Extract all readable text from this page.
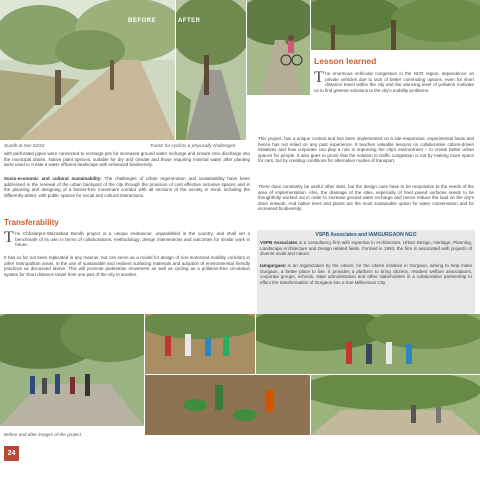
BEFORE	AFTER
Lesson learned
The enormous vehicular congestion in the NCR region, dependence on private vehicles due to lack of better commuting options, even for short distance travel within the city and the alarming level of pollution motivate us to find greener solutions to the city's mobility problems.
Sundh at Sec 52/53	Tracks for cyclists & physically challenged
with perforated pipes were connected to recharge pits for increased ground water recharge and ensure zero discharge into the municipal drains. Native plant species, suitable for dry arid climate and those requiring minimal water after planting were used to create a water efficient landscape with enhanced biodiversity.
Socio-economic and cultural sustainability: The challenges of urban regeneration and sustainability have been addressed in the renewal of the urban backyard of the city through the provision of cost effective inclusive spaces and in the planning and designing of a barrier-free movement corridor with all sections of the society in mind, including the differently-abled, with public spaces for social and cultural interactions.
Transferability
The Chhalarpur-Wazirabad Bundh project is a unique endeavour, unparalleled in the country, and shall set a benchmark of its own in terms of collaborations, methodology, design interventions and outcomes for similar work in future.
It has so far not been replicated in any manner, but can serve as a model for design of non-motorized mobility corridors in other metropolitan areas, in the use of sustainable and resilient surfacing materials and adoption of environmental friendly practices as discussed above. This will promote pedestrian movement as well as cycling as a pollution-free circulation system for short distance travel from one part of the city to another.
This project, has a unique context and has been implemented on a site-responsive, experimental basis and hence has not relied on any past experience. It teaches valuable lessons on collaborative citizen-driven initiatives and how corporate can play a role in improving the city's environment – to create better urban spaces for people. It also goes to prove that the solution to traffic congestion is not by making more space for cars, but by creating conditions for alternative modes of transport.
There does constantly be useful other sites, but the design cues have to be responsive to the needs of the area of implementation. Also, the drainage of the sites, especially of hard paved surfaces needs to be thoughtfully worked out in order to increase ground water recharge and hence reduce the load on the city's drain network. And native trees and plants are the most sustainable option for water conservation and for increased biodiversity.
VSPB Associates and IAMGURGAON NGO
VSPB Associates is a consultancy firm with expertise in Architecture, Urban Design, Heritage, Planning, Landscape Architecture and Design related fields. Formed in 1993, the firm is associated with projects of diverse scale and nature.
Iamgurgaon is an organization by the citizen, for the citizen initiative in Gurgaon, aiming to help make Gurgaon, a better place to live. It provides a platform to bring citizens, resident welfare associations, corporate groups, schools, state administration and other stakeholders in a collaborative partnership to effect the transformation of Gurgaon into a true Millennium City.
Before and after images of the project
24
